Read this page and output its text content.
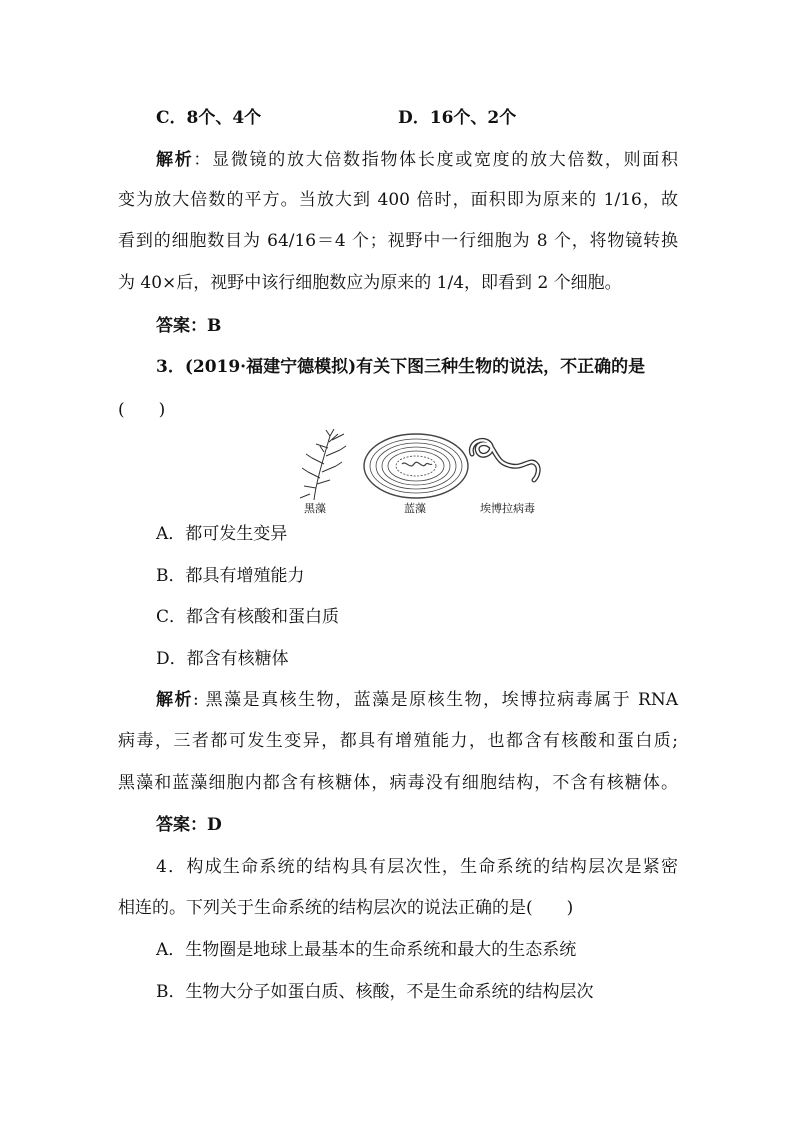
C．8个、4个	D．16个、2个
解析：显微镜的放大倍数指物体长度或宽度的放大倍数，则面积
变为放大倍数的平方。当放大到 400 倍时，面积即为原来的 1/16，故
看到的细胞数目为 64/16＝4 个；视野中一行细胞为 8 个，将物镜转换
为 40×后，视野中该行细胞数应为原来的 1/4，即看到 2 个细胞。
答案：B
3．(2019·福建宁德模拟)有关下图三种生物的说法，不正确的是
(　　)
黑藻	蓝藻	埃博拉病毒
A．都可发生变异
B．都具有增殖能力
C．都含有核酸和蛋白质
D．都含有核糖体
解析: 黑藻是真核生物，蓝藻是原核生物，埃博拉病毒属于 RNA
病毒，三者都可发生变异，都具有增殖能力，也都含有核酸和蛋白质;
黑藻和蓝藻细胞内都含有核糖体，病毒没有细胞结构，不含有核糖体。
答案：D
4．构成生命系统的结构具有层次性，生命系统的结构层次是紧密
相连的。下列关于生命系统的结构层次的说法正确的是(　　)
A．生物圈是地球上最基本的生命系统和最大的生态系统
B．生物大分子如蛋白质、核酸，不是生命系统的结构层次
